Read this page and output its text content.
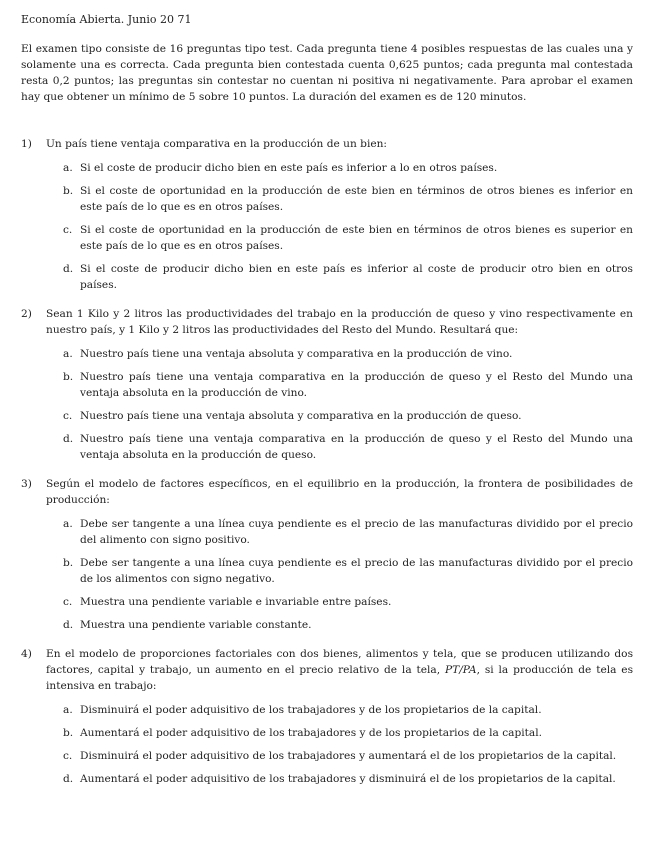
Economía Abierta. Junio 20 71

El examen tipo consiste de 16 preguntas tipo test. Cada pregunta tiene 4 posibles respuestas de las cuales una y solamente una es correcta. Cada pregunta bien contestada cuenta 0,625 puntos; cada pregunta mal contestada resta 0,2 puntos; las preguntas sin contestar no cuentan ni positiva ni negativamente. Para aprobar el examen hay que obtener un mínimo de 5 sobre 10 puntos. La duración del examen es de 120 minutos.

1) Un país tiene ventaja comparativa en la producción de un bien:

a. Si el coste de producir dicho bien en este país es inferior a lo en otros países.
b. Si el coste de oportunidad en la producción de este bien en términos de otros bienes es inferior en este país de lo que es en otros países.
c. Si el coste de oportunidad en la producción de este bien en términos de otros bienes es superior en este país de lo que es en otros países.
d. Si el coste de producir dicho bien en este país es inferior al coste de producir otro bien en otros países.

2) Sean 1 Kilo y 2 litros las productividades del trabajo en la producción de queso y vino respectivamente en nuestro país, y 1 Kilo y 2 litros las productividades del Resto del Mundo. Resultará que:

a. Nuestro país tiene una ventaja absoluta y comparativa en la producción de vino.
b. Nuestro país tiene una ventaja comparativa en la producción de queso y el Resto del Mundo una ventaja absoluta en la producción de vino.
c. Nuestro país tiene una ventaja absoluta y comparativa en la producción de queso.
d. Nuestro país tiene una ventaja comparativa en la producción de queso y el Resto del Mundo una ventaja absoluta en la producción de queso.

3) Según el modelo de factores específicos, en el equilibrio en la producción, la frontera de posibilidades de producción:

a. Debe ser tangente a una línea cuya pendiente es el precio de las manufacturas dividido por el precio del alimento con signo positivo.
b. Debe ser tangente a una línea cuya pendiente es el precio de las manufacturas dividido por el precio de los alimentos con signo negativo.
c. Muestra una pendiente variable e invariable entre países.
d. Muestra una pendiente variable constante.

4) En el modelo de proporciones factoriales con dos bienes, alimentos y tela, que se producen utilizando dos factores, capital y trabajo, un aumento en el precio relativo de la tela, PT/PA, si la producción de tela es intensiva en trabajo:

a. Disminuirá el poder adquisitivo de los trabajadores y de los propietarios de la capital.
b. Aumentará el poder adquisitivo de los trabajadores y de los propietarios de la capital.
c. Disminuirá el poder adquisitivo de los trabajadores y aumentará el de los propietarios de la capital.
d. Aumentará el poder adquisitivo de los trabajadores y disminuirá el de los propietarios de la capital.
